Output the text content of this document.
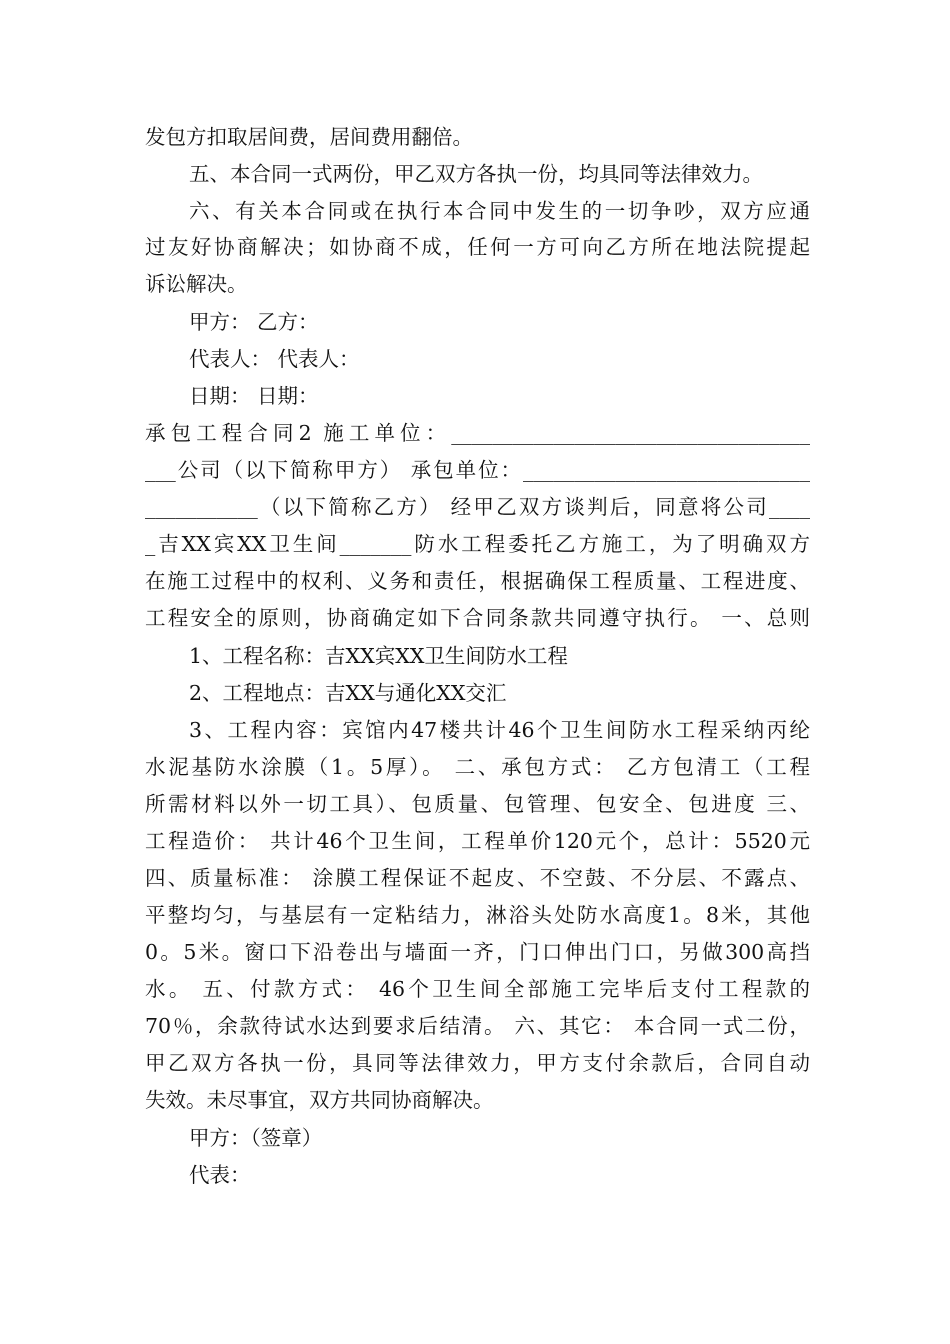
发包方扣取居间费，居间费用翻倍。
五、本合同一式两份，甲乙双方各执一份，均具同等法律效力。
六、有关本合同或在执行本合同中发生的一切争吵，双方应通
过友好协商解决；如协商不成，任何一方可向乙方所在地法院提起
诉讼解决。
甲方： 乙方：
代表人： 代表人：
日期： 日期：
承包工程合同2 施工单位：___________________________________
___公司（以下简称甲方） 承包单位：____________________________
___________（以下简称乙方） 经甲乙双方谈判后，同意将公司____
_吉XX宾XX卫生间_______防水工程委托乙方施工，为了明确双方
在施工过程中的权利、义务和责任，根据确保工程质量、工程进度、
工程安全的原则，协商确定如下合同条款共同遵守执行。 一、总则
1、工程名称：吉XX宾XX卫生间防水工程
2、工程地点：吉XX与通化XX交汇
3、工程内容：宾馆内47楼共计46个卫生间防水工程采纳丙纶
水泥基防水涂膜（1。5厚）。 二、承包方式： 乙方包清工（工程
所需材料以外一切工具）、包质量、包管理、包安全、包进度 三、
工程造价： 共计46个卫生间，工程单价120元个，总计：5520元
四、质量标准： 涂膜工程保证不起皮、不空鼓、不分层、不露点、
平整均匀，与基层有一定粘结力，淋浴头处防水高度1。8米，其他
0。5米。窗口下沿卷出与墙面一齐，门口伸出门口，另做300高挡
水。 五、付款方式： 46个卫生间全部施工完毕后支付工程款的
70％，余款待试水达到要求后结清。 六、其它： 本合同一式二份，
甲乙双方各执一份，具同等法律效力，甲方支付余款后，合同自动
失效。未尽事宜，双方共同协商解决。
甲方：（签章）
代表：
